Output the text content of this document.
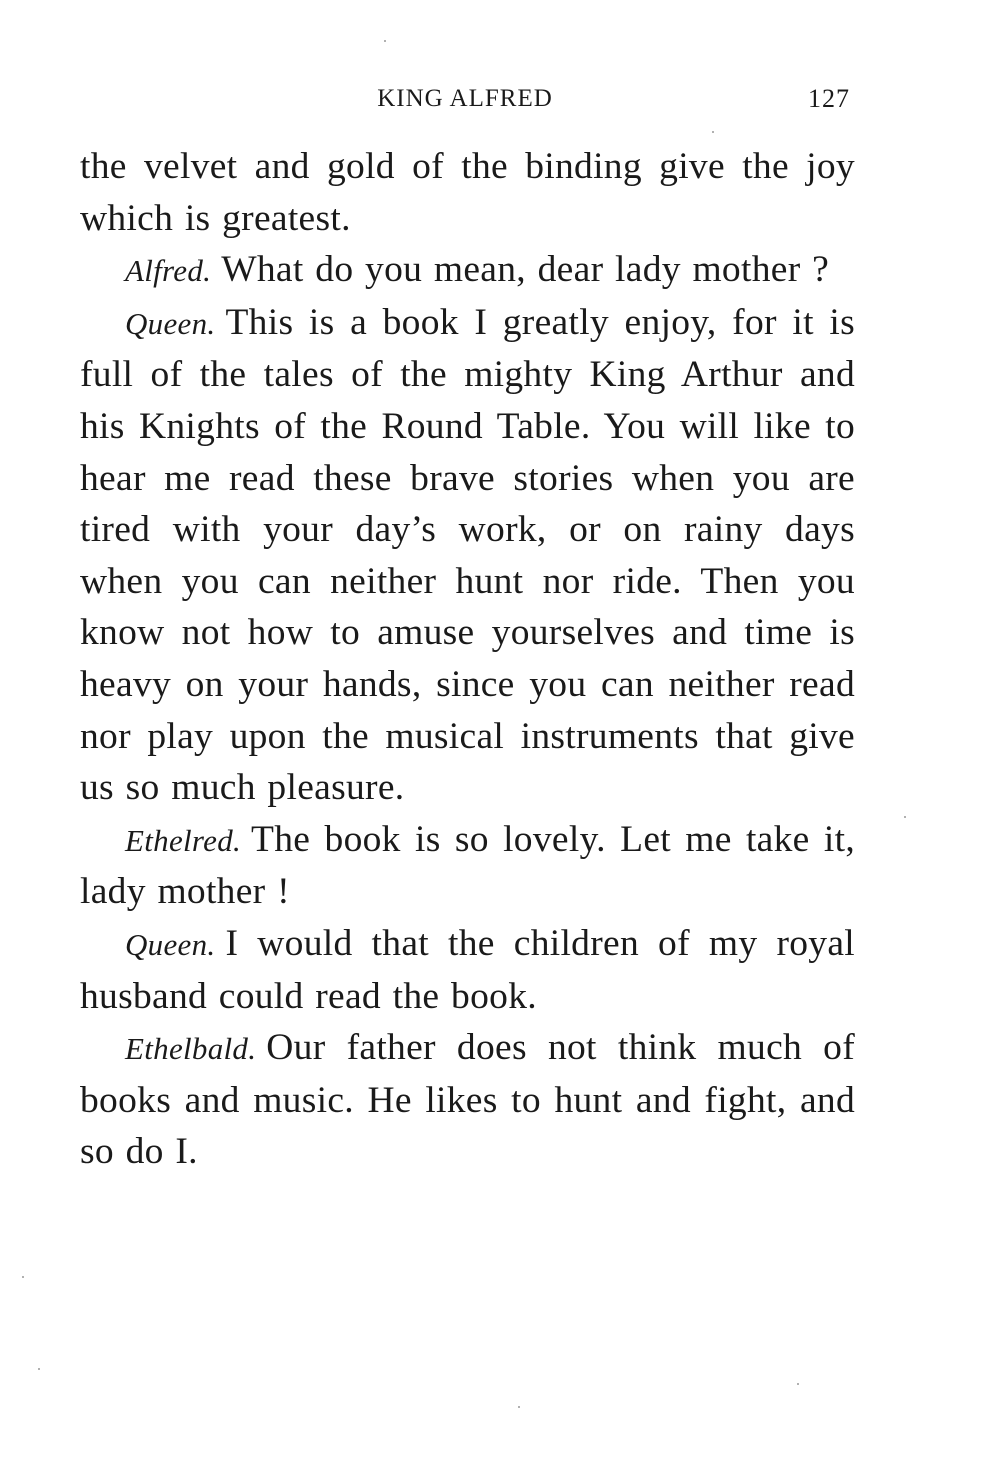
KING ALFRED	127

the velvet and gold of the binding give the joy which is greatest.

Alfred. What do you mean, dear lady mother ?

Queen. This is a book I greatly enjoy, for it is full of the tales of the mighty King Arthur and his Knights of the Round Table. You will like to hear me read these brave stories when you are tired with your day’s work, or on rainy days when you can neither hunt nor ride. Then you know not how to amuse yourselves and time is heavy on your hands, since you can neither read nor play upon the musical instruments that give us so much pleasure.

Ethelred. The book is so lovely. Let me take it, lady mother !

Queen. I would that the children of my royal husband could read the book.

Ethelbald. Our father does not think much of books and music. He likes to hunt and fight, and so do I.
